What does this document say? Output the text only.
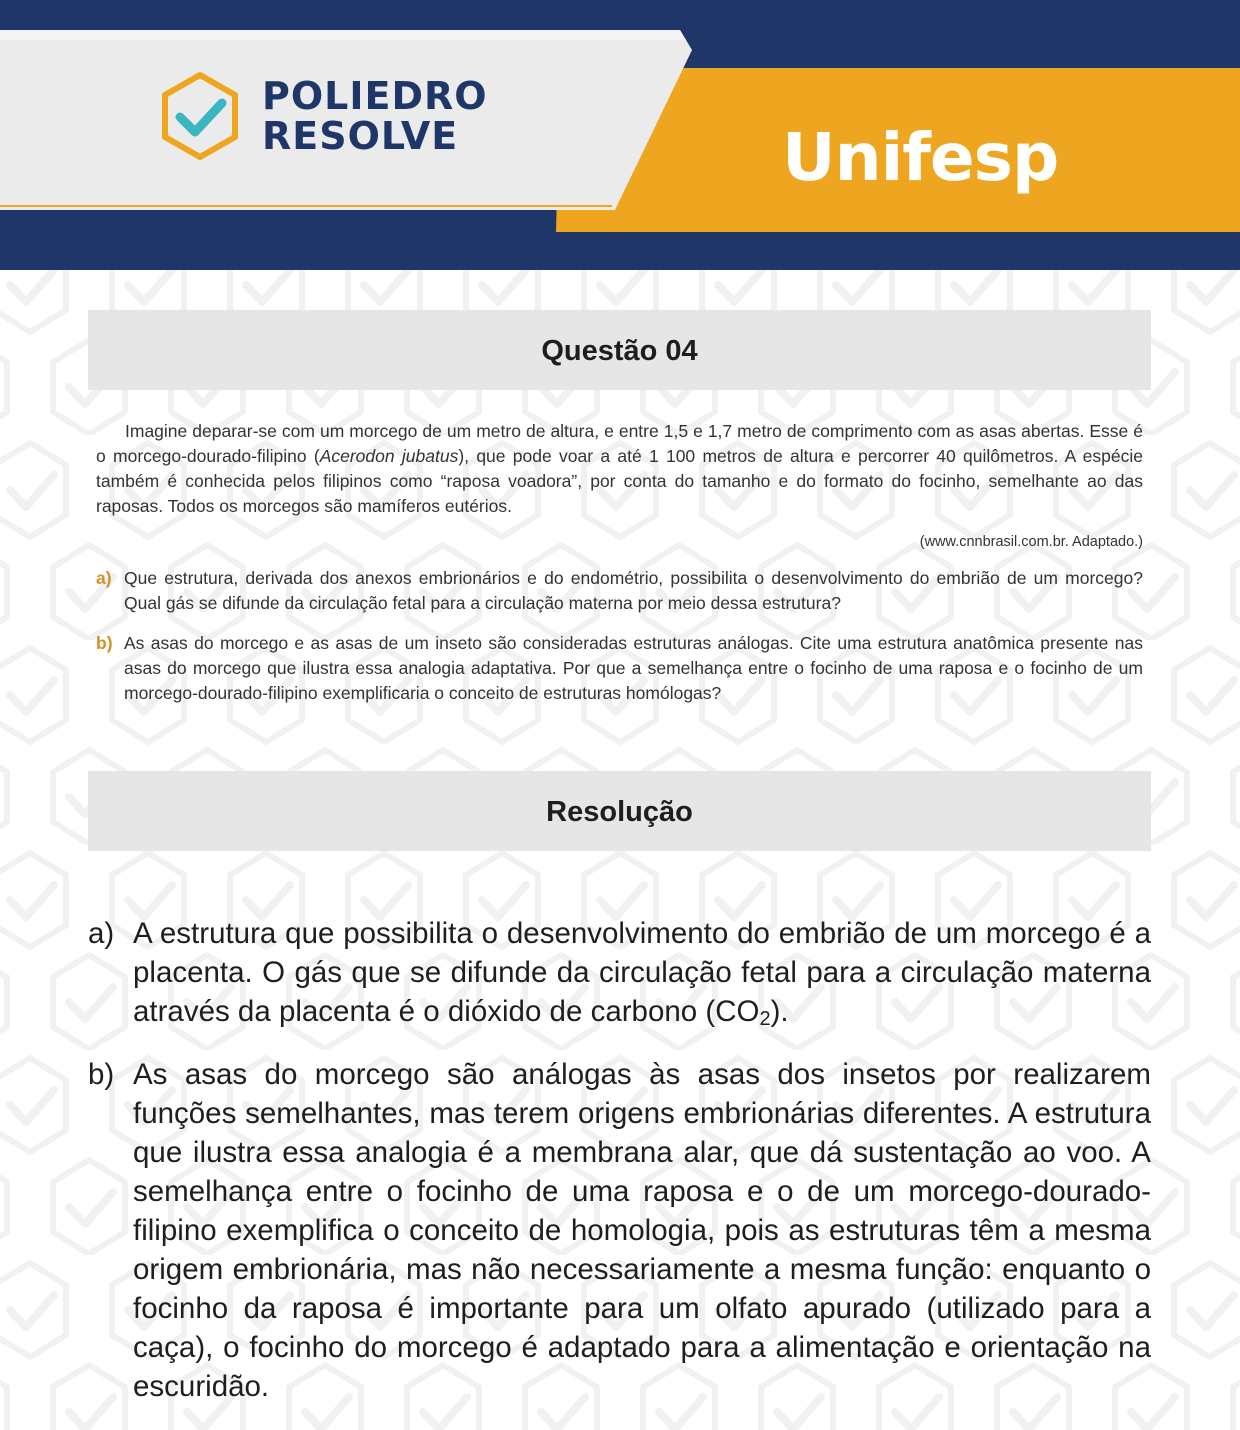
POLIEDRO
RESOLVE	Unifesp
Questão 04
Imagine deparar-se com um morcego de um metro de altura, e entre 1,5 e 1,7 metro de comprimento com as asas abertas. Esse é o morcego-dourado-filipino (Acerodon jubatus), que pode voar a até 1 100 metros de altura e percorrer 40 quilômetros. A espécie também é conhecida pelos filipinos como “raposa voadora”, por conta do tamanho e do formato do focinho, semelhante ao das raposas. Todos os morcegos são mamíferos eutérios.
(www.cnnbrasil.com.br. Adaptado.)
a) Que estrutura, derivada dos anexos embrionários e do endométrio, possibilita o desenvolvimento do embrião de um morcego? Qual gás se difunde da circulação fetal para a circulação materna por meio dessa estrutura?
b) As asas do morcego e as asas de um inseto são consideradas estruturas análogas. Cite uma estrutura anatômica presente nas asas do morcego que ilustra essa analogia adaptativa. Por que a semelhança entre o focinho de uma raposa e o focinho de um morcego-dourado-filipino exemplificaria o conceito de estruturas homólogas?
Resolução
a) A estrutura que possibilita o desenvolvimento do embrião de um morcego é a placenta. O gás que se difunde da circulação fetal para a circulação materna através da placenta é o dióxido de carbono $(CO_2)$.
b) As asas do morcego são análogas às asas dos insetos por realizarem funções semelhantes, mas terem origens embrionárias diferentes. A estrutura que ilustra essa analogia é a membrana alar, que dá sustentação ao voo. A semelhança entre o focinho de uma raposa e o de um morcego-dourado-filipino exemplifica o conceito de homologia, pois as estruturas têm a mesma origem embrionária, mas não necessariamente a mesma função: enquanto o focinho da raposa é importante para um olfato apurado (utilizado para a caça), o focinho do morcego é adaptado para a alimentação e orientação na escuridão.
